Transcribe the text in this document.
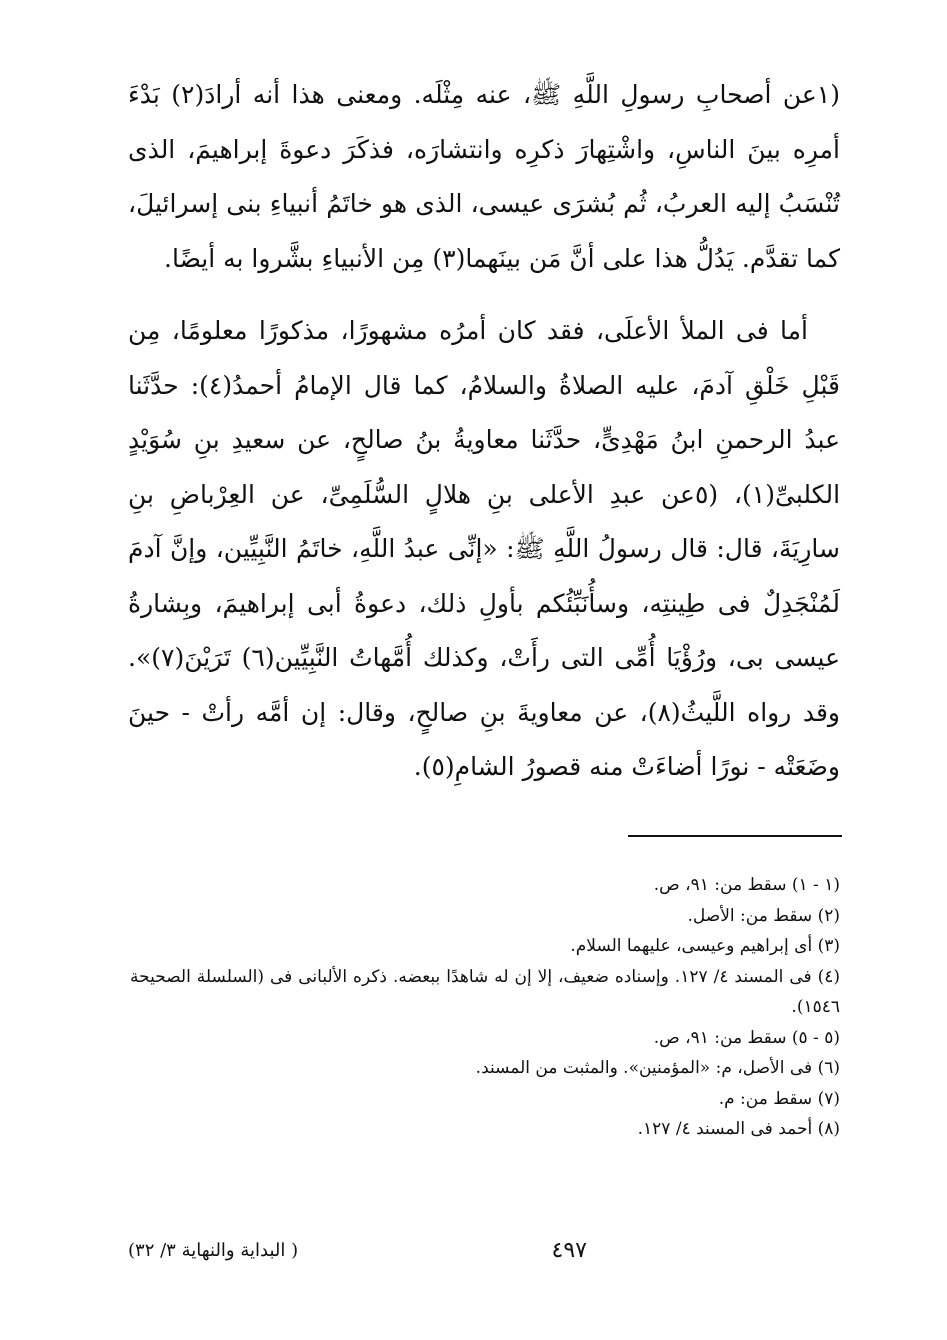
(١عن أصحابِ رسولِ اللَّهِ ﷺ، عنه مِثْلَه. ومعنى هذا أنه أرادَ(٢) بَدْءَ أمرِه بينَ الناسِ، واشْتِهارَ ذكرِه وانتشارَه، فذكَرَ دعوةَ إبراهيمَ، الذى تُنْسَبُ إليه العربُ، ثُم بُشرَى عيسى، الذى هو خاتَمُ أنبياءِ بنى إسرائيلَ، كما تقدَّم. يَدُلُّ هذا على أنَّ مَن بينَهما(٣) مِن الأنبياءِ بشَّروا به أيضًا.

أما فى الملأ الأعلَى، فقد كان أمرُه مشهورًا، مذكورًا معلومًا، مِن قَبْلِ خَلْقِ آدمَ، عليه الصلاةُ والسلامُ، كما قال الإمامُ أحمدُ(٤): حدَّثَنا عبدُ الرحمنِ ابنُ مَهْدِىٍّ، حدَّثَنا معاويةُ بنُ صالحٍ، عن سعيدِ بنِ سُوَيْدٍ الكلبىِّ(١)، (٥عن عبدِ الأعلى بنِ هلالٍ السُّلَمِىِّ، عن العِرْباضِ بنِ سارِيَةَ، قال: قال رسولُ اللَّهِ ﷺ: «إنِّى عبدُ اللَّهِ، خاتَمُ النَّبِيِّين، وإنَّ آدمَ لَمُنْجَدِلٌ فى طِينتِه، وسأُنَبِّئُكم بأولِ ذلك، دعوةُ أبى إبراهيمَ، وبِشارةُ عيسى بى، ورُؤْيَا أُمِّى التى رأَتْ، وكذلك أُمَّهاتُ النَّبِيِّين(٦) تَرَيْنَ(٧)». وقد رواه اللَّيثُ(٨)، عن معاويةَ بنِ صالحٍ، وقال: إن أمَّه رأتْ - حينَ وضَعَتْه - نورًا أضاءَتْ منه قصورُ الشامِ(٥).

(١ - ١) سقط من: ٩١، ص.

(٢) سقط من: الأصل.

(٣) أى إبراهيم وعيسى، عليهما السلام.

(٤) فى المسند ٤/ ١٢٧. وإسناده ضعيف، إلا إن له شاهدًا ببعضه. ذكره الألبانى فى (السلسلة الصحيحة ١٥٤٦).

(٥ - ٥) سقط من: ٩١، ص.

(٦) فى الأصل، م: «المؤمنين». والمثبت من المسند.

(٧) سقط من: م.

(٨) أحمد فى المسند ٤/ ١٢٧.

٤٩٧
( البداية والنهاية ٣/ ٣٢)
